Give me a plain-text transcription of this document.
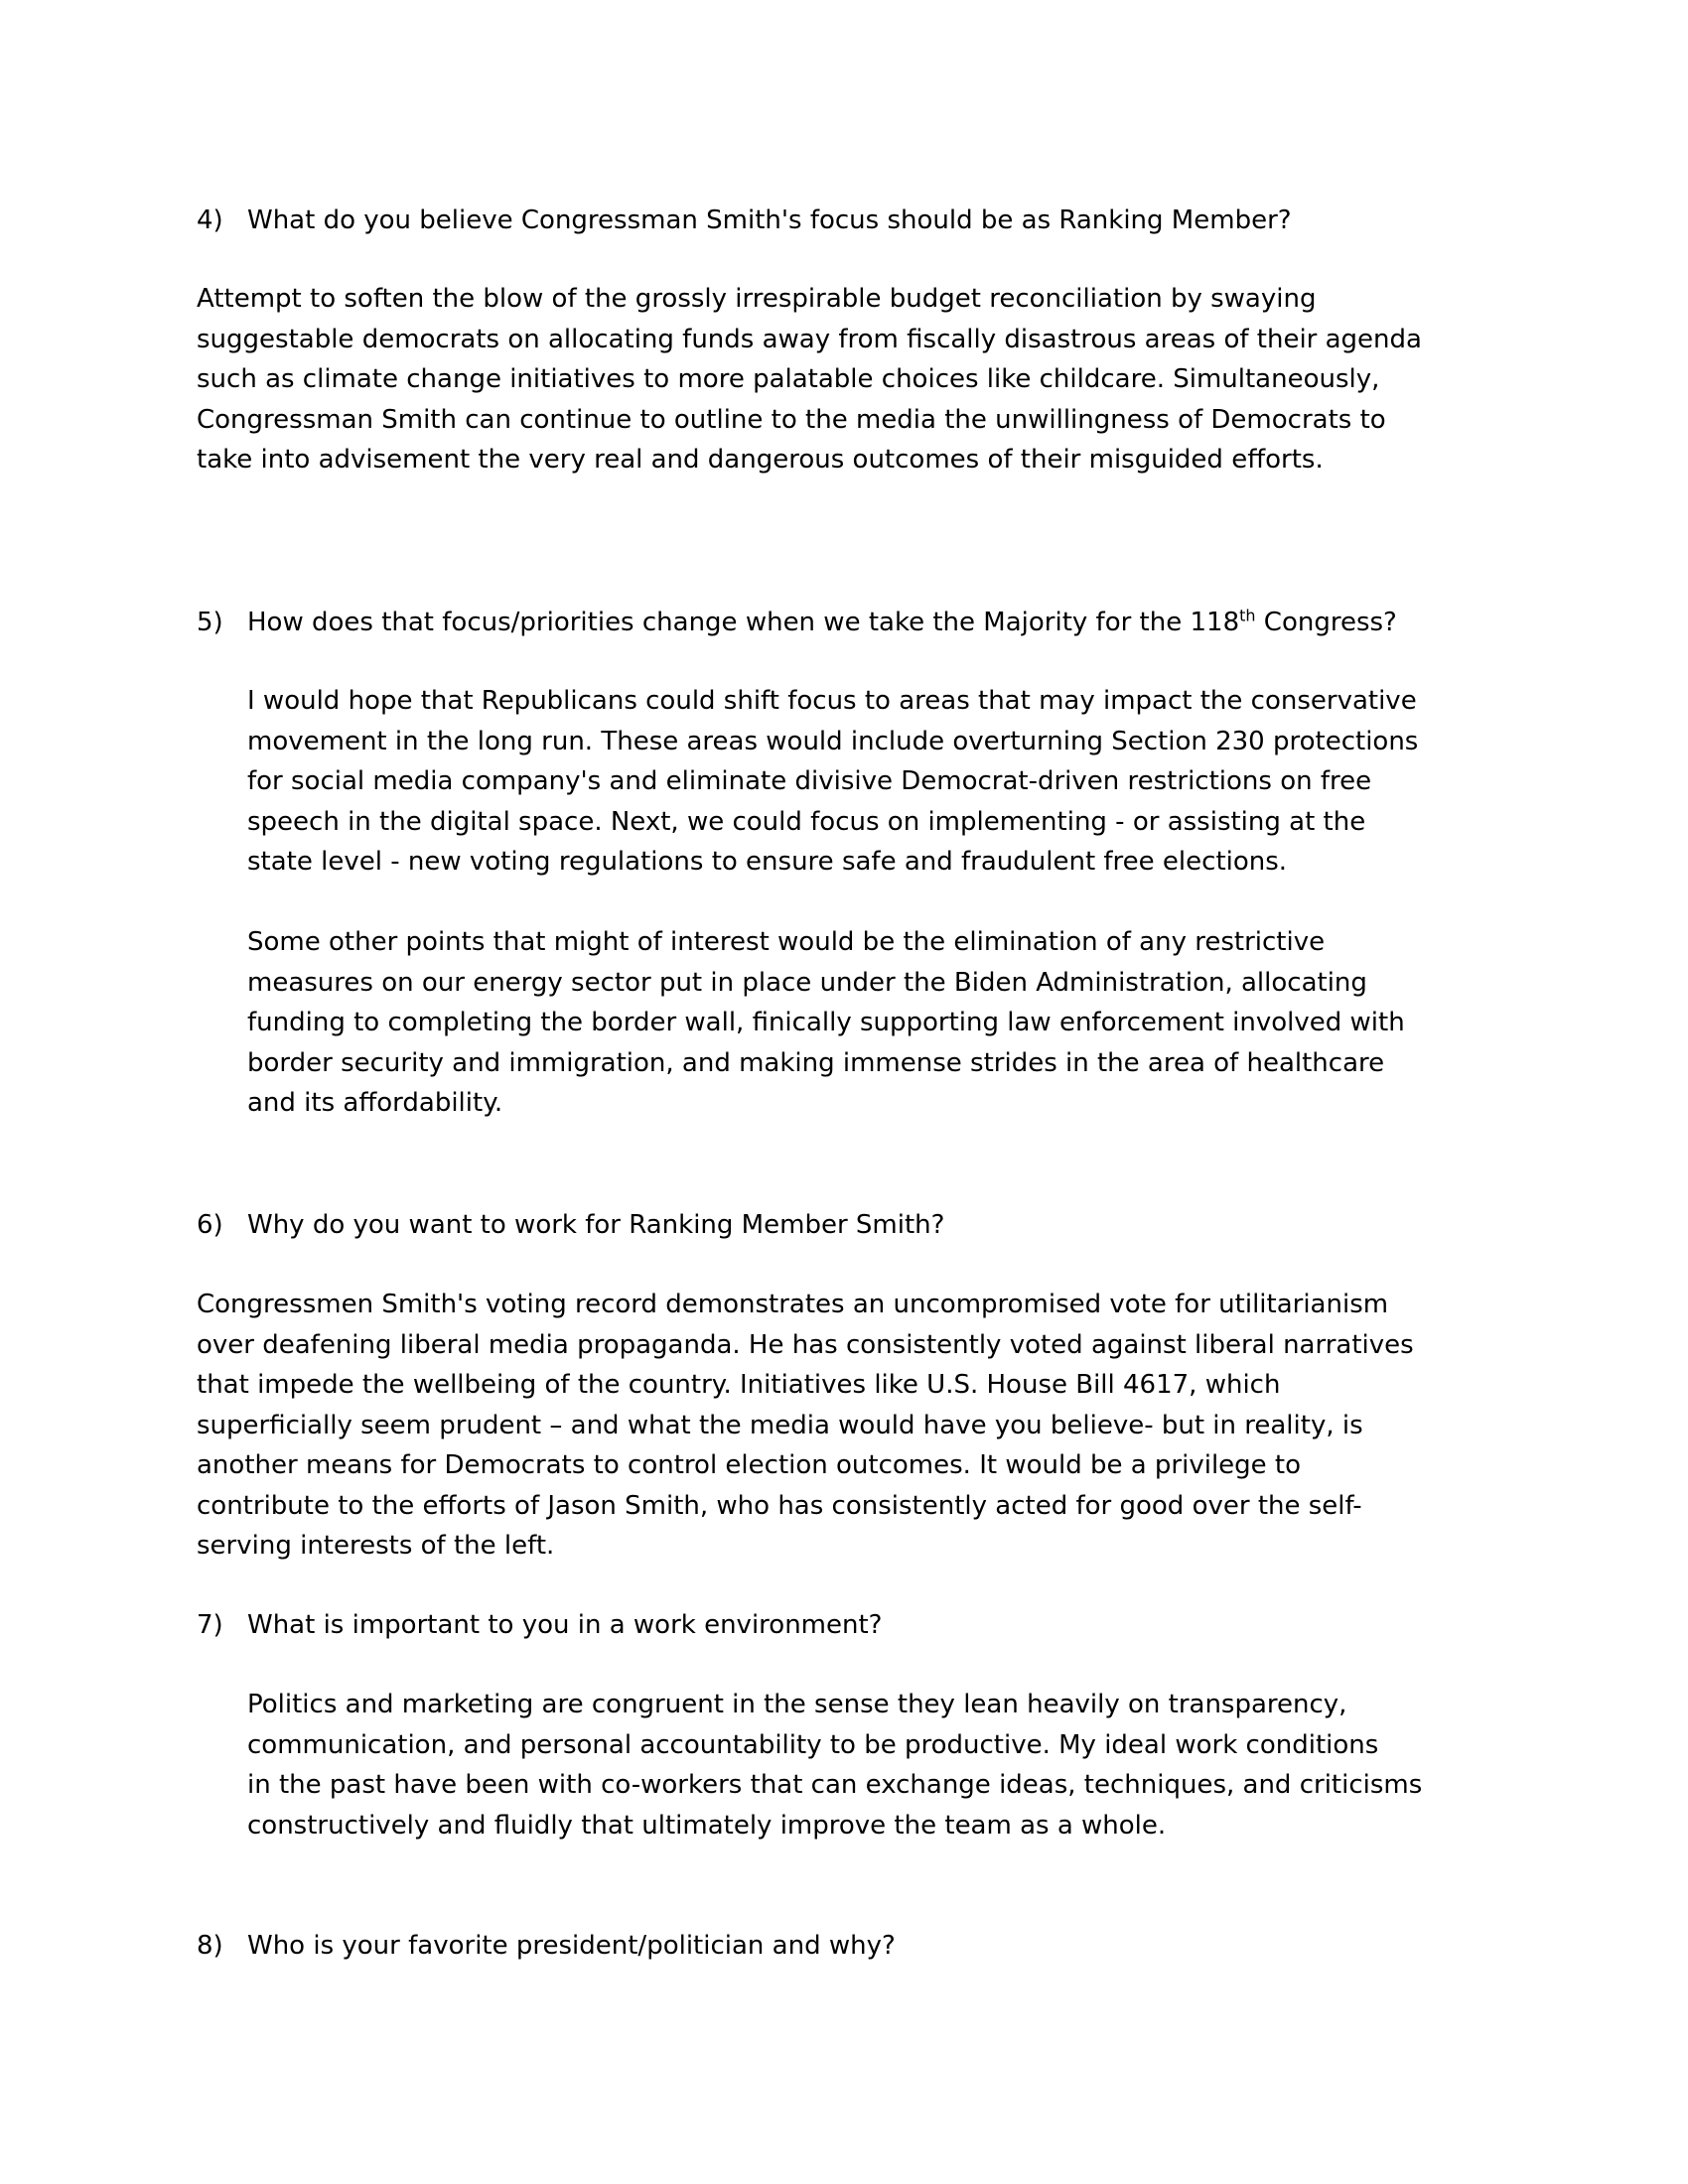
4) What do you believe Congressman Smith's focus should be as Ranking Member?
Attempt to soften the blow of the grossly irrespirable budget reconciliation by swaying
suggestable democrats on allocating funds away from fiscally disastrous areas of their agenda
such as climate change initiatives to more palatable choices like childcare. Simultaneously,
Congressman Smith can continue to outline to the media the unwillingness of Democrats to
take into advisement the very real and dangerous outcomes of their misguided efforts.
5) How does that focus/priorities change when we take the Majority for the 118th Congress?
I would hope that Republicans could shift focus to areas that may impact the conservative
movement in the long run. These areas would include overturning Section 230 protections
for social media company's and eliminate divisive Democrat-driven restrictions on free
speech in the digital space. Next, we could focus on implementing - or assisting at the
state level - new voting regulations to ensure safe and fraudulent free elections.
Some other points that might of interest would be the elimination of any restrictive
measures on our energy sector put in place under the Biden Administration, allocating
funding to completing the border wall, finically supporting law enforcement involved with
border security and immigration, and making immense strides in the area of healthcare
and its affordability.
6) Why do you want to work for Ranking Member Smith?
Congressmen Smith's voting record demonstrates an uncompromised vote for utilitarianism
over deafening liberal media propaganda. He has consistently voted against liberal narratives
that impede the wellbeing of the country. Initiatives like U.S. House Bill 4617, which
superficially seem prudent – and what the media would have you believe- but in reality, is
another means for Democrats to control election outcomes. It would be a privilege to
contribute to the efforts of Jason Smith, who has consistently acted for good over the self-
serving interests of the left.
7) What is important to you in a work environment?
Politics and marketing are congruent in the sense they lean heavily on transparency,
communication, and personal accountability to be productive. My ideal work conditions
in the past have been with co-workers that can exchange ideas, techniques, and criticisms
constructively and fluidly that ultimately improve the team as a whole.
8) Who is your favorite president/politician and why?
